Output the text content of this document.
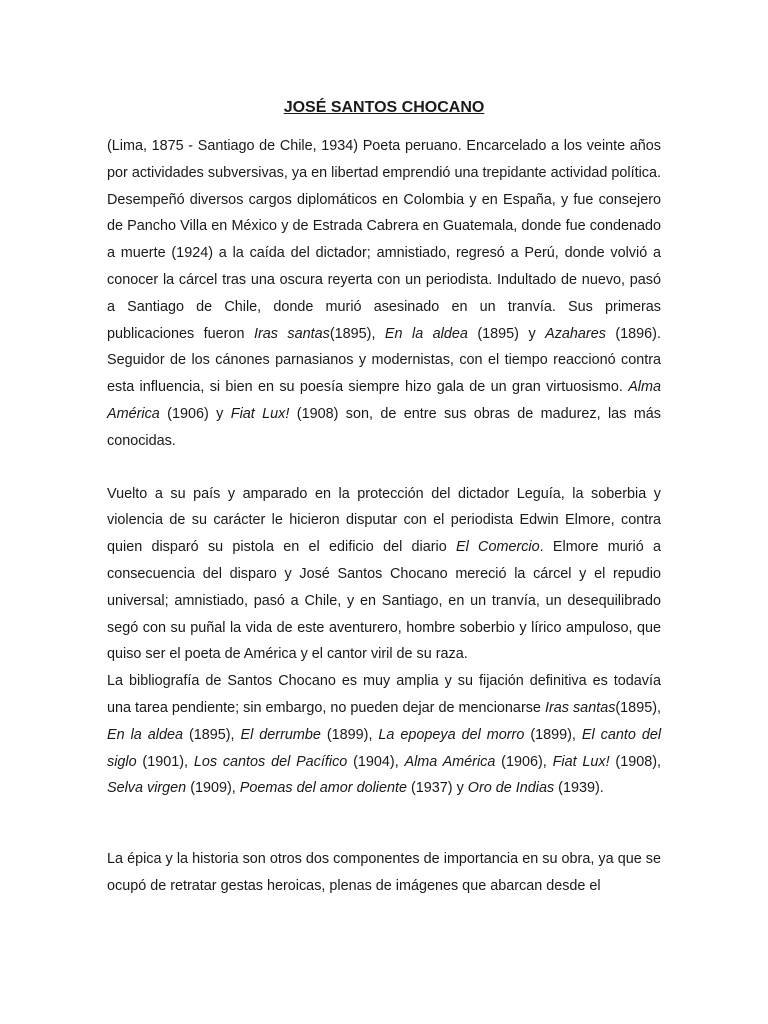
JOSÉ SANTOS CHOCANO

(Lima, 1875 - Santiago de Chile, 1934) Poeta peruano. Encarcelado a los veinte años por actividades subversivas, ya en libertad emprendió una trepidante actividad política. Desempeñó diversos cargos diplomáticos en Colombia y en España, y fue consejero de Pancho Villa en México y de Estrada Cabrera en Guatemala, donde fue condenado a muerte (1924) a la caída del dictador; amnistiado, regresó a Perú, donde volvió a conocer la cárcel tras una oscura reyerta con un periodista. Indultado de nuevo, pasó a Santiago de Chile, donde murió asesinado en un tranvía. Sus primeras publicaciones fueron Iras santas(1895), En la aldea (1895) y Azahares (1896). Seguidor de los cánones parnasianos y modernistas, con el tiempo reaccionó contra esta influencia, si bien en su poesía siempre hizo gala de un gran virtuosismo. Alma América (1906) y Fiat Lux! (1908) son, de entre sus obras de madurez, las más conocidas.

Vuelto a su país y amparado en la protección del dictador Leguía, la soberbia y violencia de su carácter le hicieron disputar con el periodista Edwin Elmore, contra quien disparó su pistola en el edificio del diario El Comercio. Elmore murió a consecuencia del disparo y José Santos Chocano mereció la cárcel y el repudio universal; amnistiado, pasó a Chile, y en Santiago, en un tranvía, un desequilibrado segó con su puñal la vida de este aventurero, hombre soberbio y lírico ampuloso, que quiso ser el poeta de América y el cantor viril de su raza.

La bibliografía de Santos Chocano es muy amplia y su fijación definitiva es todavía una tarea pendiente; sin embargo, no pueden dejar de mencionarse Iras santas(1895), En la aldea (1895), El derrumbe (1899), La epopeya del morro (1899), El canto del siglo (1901), Los cantos del Pacífico (1904), Alma América (1906), Fiat Lux! (1908), Selva virgen (1909), Poemas del amor doliente (1937) y Oro de Indias (1939).

La épica y la historia son otros dos componentes de importancia en su obra, ya que se ocupó de retratar gestas heroicas, plenas de imágenes que abarcan desde el
